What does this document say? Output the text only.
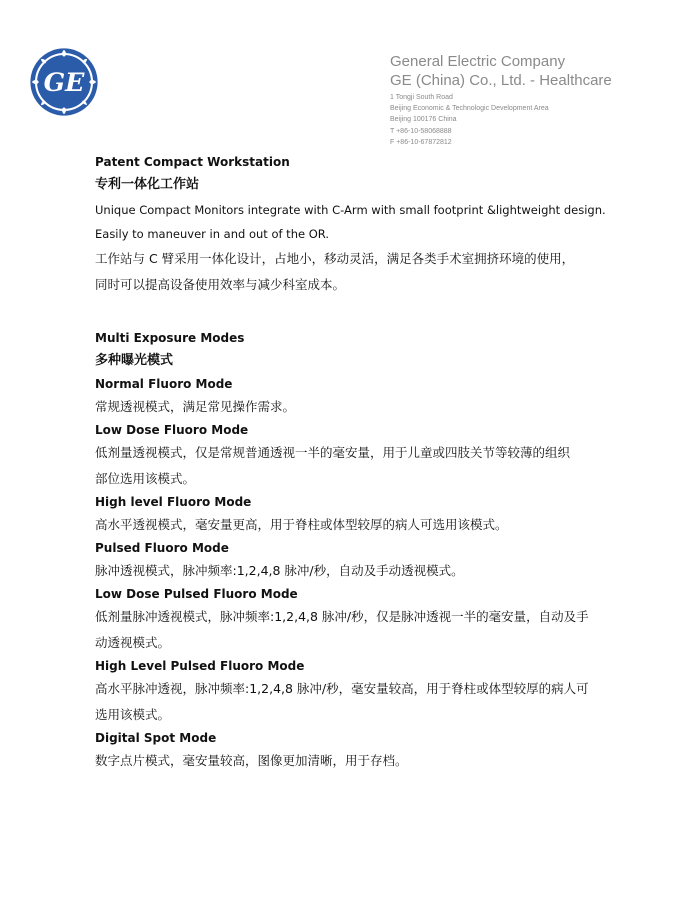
GE
General Electric Company
GE (China) Co., Ltd. - Healthcare
1 Tongji South Road
Beijing Economic & Technologic Development Area
Beijing 100176 China
T +86-10-58068888
F +86-10-67872812
Patent Compact Workstation
专利一体化工作站
Unique Compact Monitors integrate with C-Arm with small footprint &lightweight design.
Easily to maneuver in and out of the OR.
工作站与 C 臂采用一体化设计，占地小，移动灵活，满足各类手术室拥挤环境的使用，
同时可以提高设备使用效率与减少科室成本。
Multi Exposure Modes
多种曝光模式
Normal Fluoro Mode
常规透视模式，满足常见操作需求。
Low Dose Fluoro Mode
低剂量透视模式，仅是常规普通透视一半的毫安量，用于儿童或四肢关节等较薄的组织
部位选用该模式。
High level Fluoro Mode
高水平透视模式，毫安量更高，用于脊柱或体型较厚的病人可选用该模式。
Pulsed Fluoro Mode
脉冲透视模式，脉冲频率:1,2,4,8 脉冲/秒，自动及手动透视模式。
Low Dose Pulsed Fluoro Mode
低剂量脉冲透视模式，脉冲频率:1,2,4,8 脉冲/秒，仅是脉冲透视一半的毫安量，自动及手
动透视模式。
High Level Pulsed Fluoro Mode
高水平脉冲透视，脉冲频率:1,2,4,8 脉冲/秒，毫安量较高，用于脊柱或体型较厚的病人可
选用该模式。
Digital Spot Mode
数字点片模式，毫安量较高，图像更加清晰，用于存档。
